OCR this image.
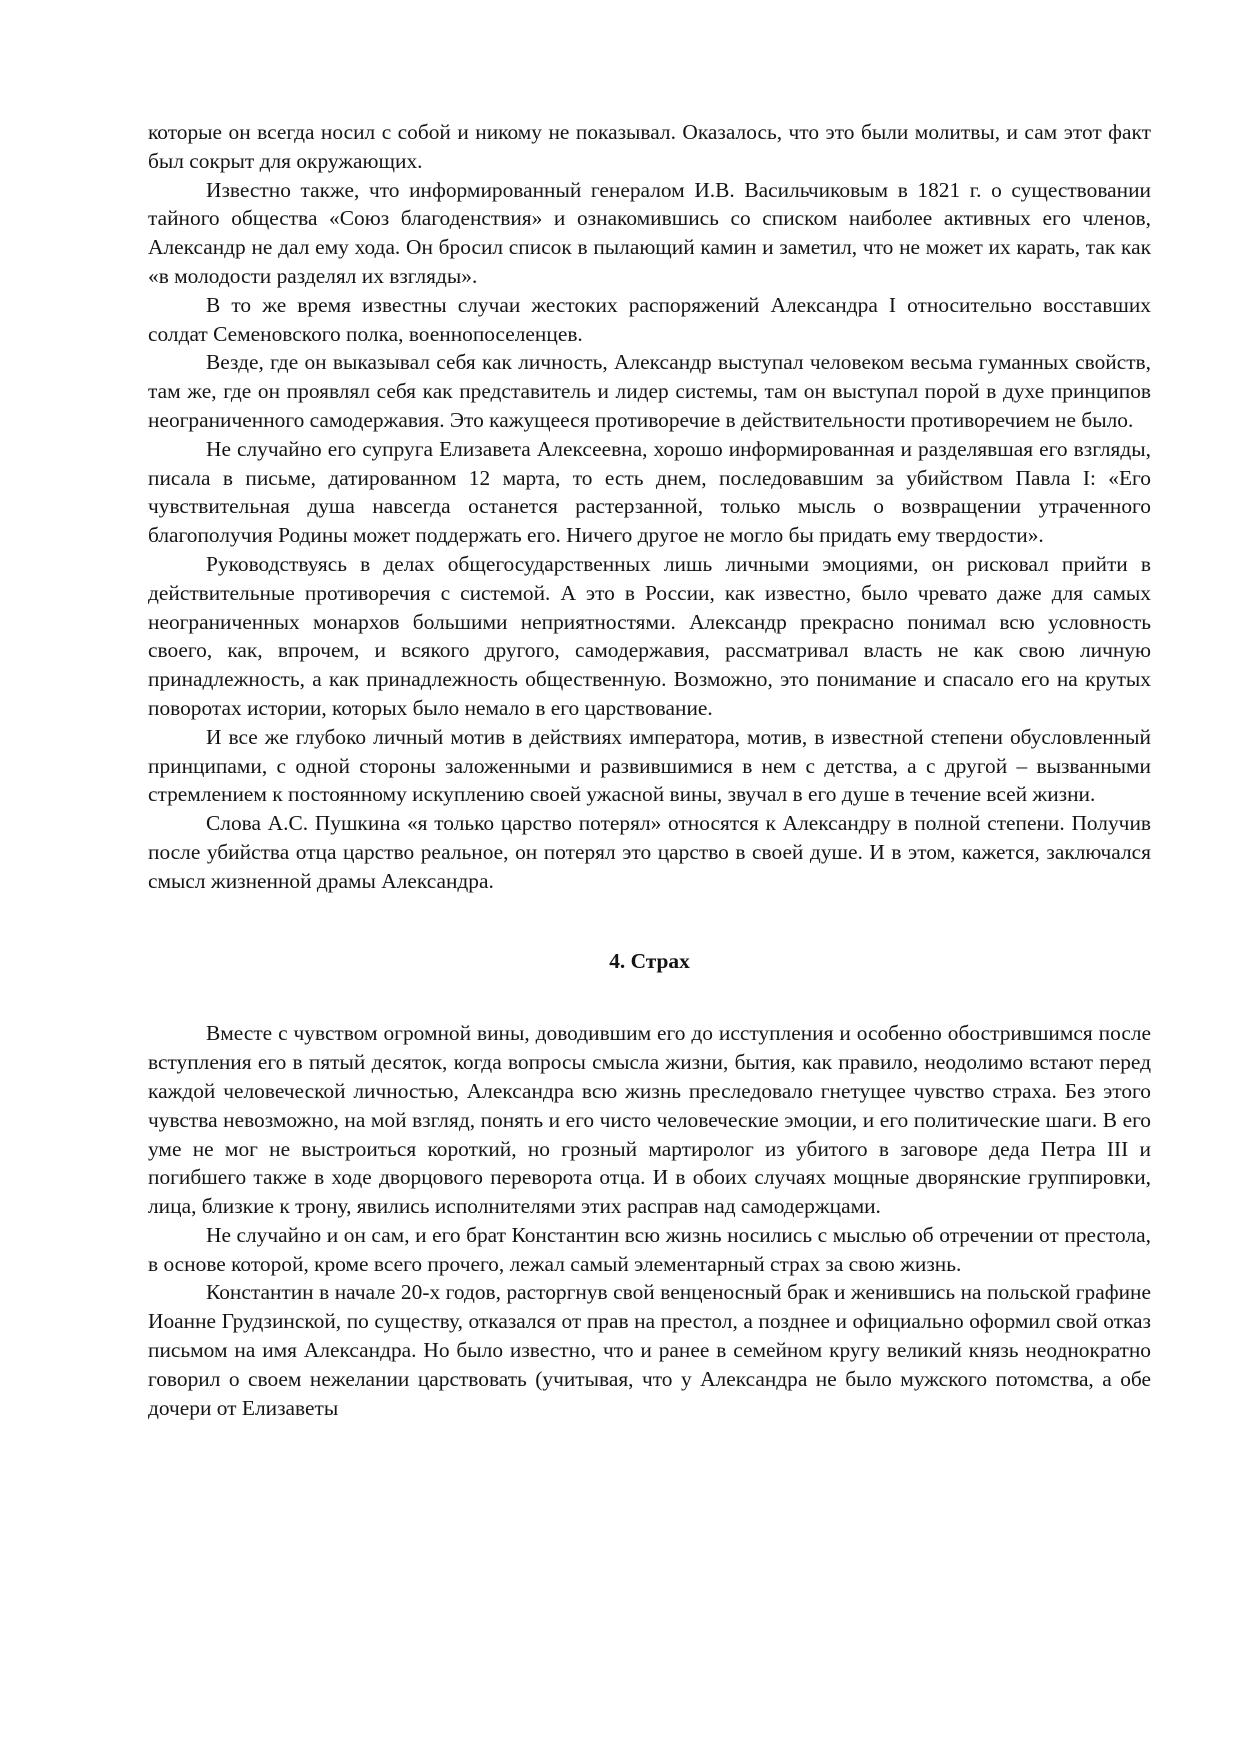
которые он всегда носил с собой и никому не показывал. Оказалось, что это были молитвы, и сам этот факт был сокрыт для окружающих.

Известно также, что информированный генералом И.В. Васильчиковым в 1821 г. о существовании тайного общества «Союз благоденствия» и ознакомившись со списком наиболее активных его членов, Александр не дал ему хода. Он бросил список в пылающий камин и заметил, что не может их карать, так как «в молодости разделял их взгляды».

В то же время известны случаи жестоких распоряжений Александра I относительно восставших солдат Семеновского полка, военнопоселенцев.

Везде, где он выказывал себя как личность, Александр выступал человеком весьма гуманных свойств, там же, где он проявлял себя как представитель и лидер системы, там он выступал порой в духе принципов неограниченного самодержавия. Это кажущееся противоречие в действительности противоречием не было.

Не случайно его супруга Елизавета Алексеевна, хорошо информированная и разделявшая его взгляды, писала в письме, датированном 12 марта, то есть днем, последовавшим за убийством Павла I: «Его чувствительная душа навсегда останется растерзанной, только мысль о возвращении утраченного благополучия Родины может поддержать его. Ничего другое не могло бы придать ему твердости».

Руководствуясь в делах общегосударственных лишь личными эмоциями, он рисковал прийти в действительные противоречия с системой. А это в России, как известно, было чревато даже для самых неограниченных монархов большими неприятностями. Александр прекрасно понимал всю условность своего, как, впрочем, и всякого другого, самодержавия, рассматривал власть не как свою личную принадлежность, а как принадлежность общественную. Возможно, это понимание и спасало его на крутых поворотах истории, которых было немало в его царствование.

И все же глубоко личный мотив в действиях императора, мотив, в известной степени обусловленный принципами, с одной стороны заложенными и развившимися в нем с детства, а с другой – вызванными стремлением к постоянному искуплению своей ужасной вины, звучал в его душе в течение всей жизни.

Слова А.С. Пушкина «я только царство потерял» относятся к Александру в полной степени. Получив после убийства отца царство реальное, он потерял это царство в своей душе. И в этом, кажется, заключался смысл жизненной драмы Александра.

4. Страх

Вместе с чувством огромной вины, доводившим его до исступления и особенно обострившимся после вступления его в пятый десяток, когда вопросы смысла жизни, бытия, как правило, неодолимо встают перед каждой человеческой личностью, Александра всю жизнь преследовало гнетущее чувство страха. Без этого чувства невозможно, на мой взгляд, понять и его чисто человеческие эмоции, и его политические шаги. В его уме не мог не выстроиться короткий, но грозный мартиролог из убитого в заговоре деда Петра III и погибшего также в ходе дворцового переворота отца. И в обоих случаях мощные дворянские группировки, лица, близкие к трону, явились исполнителями этих расправ над самодержцами.

Не случайно и он сам, и его брат Константин всю жизнь носились с мыслью об отречении от престола, в основе которой, кроме всего прочего, лежал самый элементарный страх за свою жизнь.

Константин в начале 20-х годов, расторгнув свой венценосный брак и женившись на польской графине Иоанне Грудзинской, по существу, отказался от прав на престол, а позднее и официально оформил свой отказ письмом на имя Александра. Но было известно, что и ранее в семейном кругу великий князь неоднократно говорил о своем нежелании царствовать (учитывая, что у Александра не было мужского потомства, а обе дочери от Елизаветы
